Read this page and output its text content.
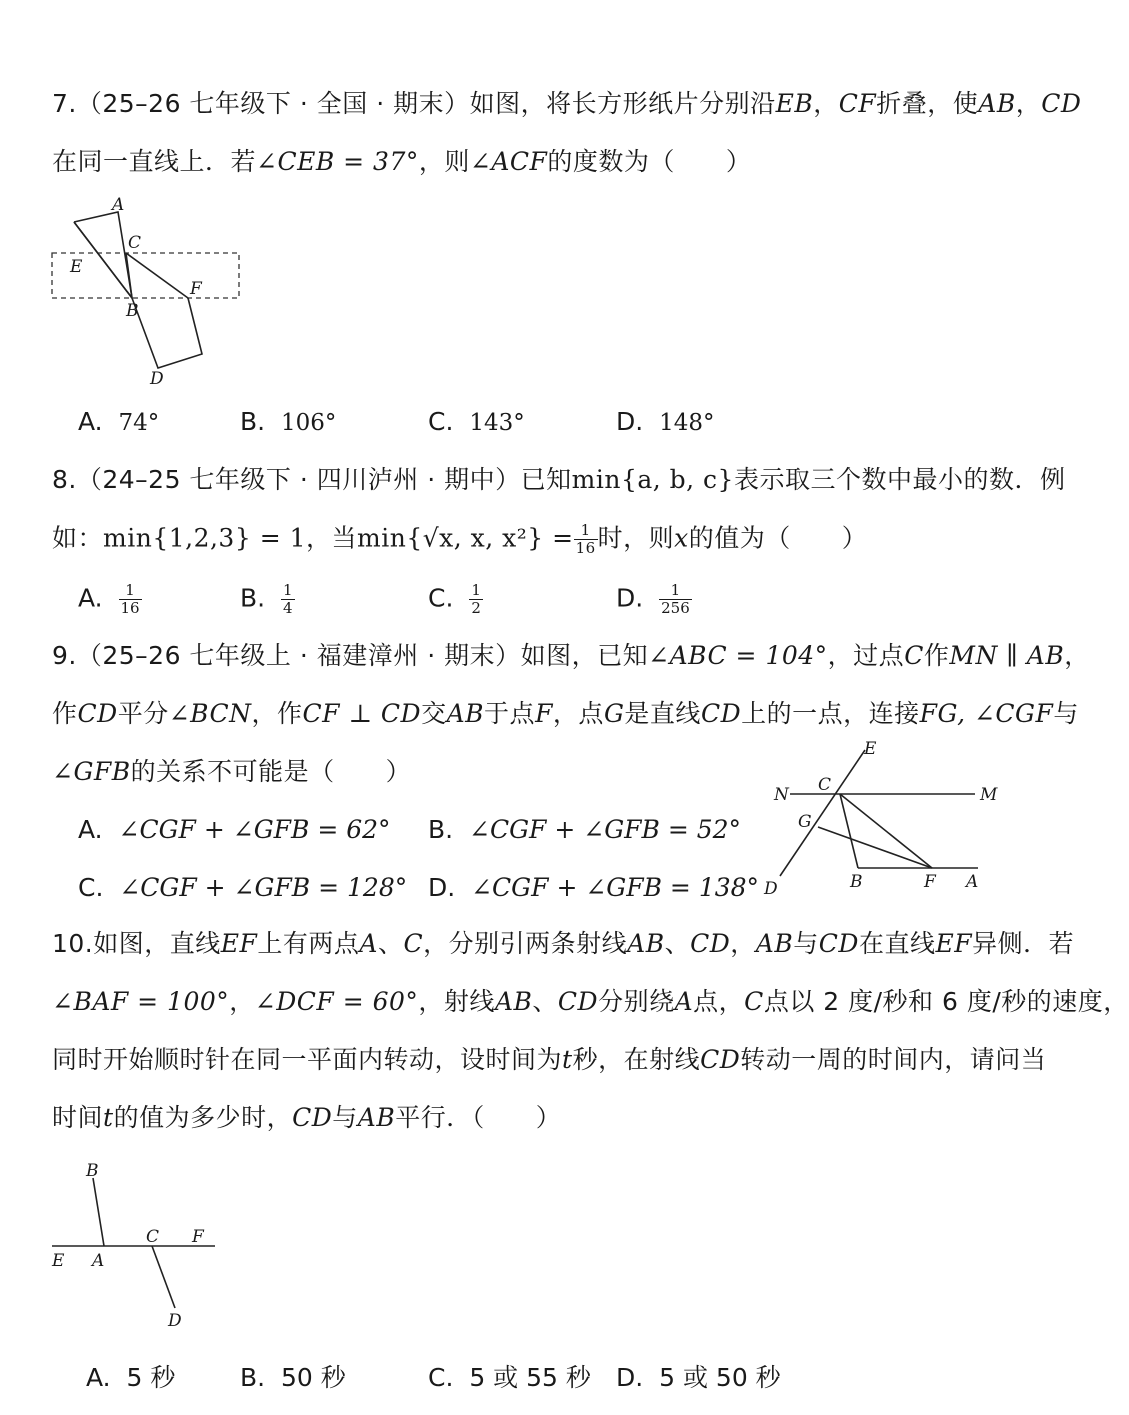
7.（25–26 七年级下 · 全国 · 期末）如图，将长方形纸片分别沿EB，CF折叠，使AB，CD
在同一直线上．若∠CEB = 37°，则∠ACF的度数为（　　）
A
C
E
F
B
D
A. 74°	B. 106°	C. 143°	D. 148°
8.（24–25 七年级下 · 四川泸州 · 期中）已知min{a, b, c}表示取三个数中最小的数．例
如：min{1,2,3} = 1，当min{√x, x, $x^2\} = \frac{1}{16}$ 时，则x的值为（　　）
A. $\frac{1}{16}$	B. $\frac{1}{4}$	C. $\frac{1}{2}$	D. $\frac{1}{256}$
9.（25–26 七年级上 · 福建漳州 · 期末）如图，已知∠ABC = 104°，过点C作MN ∥ AB，
作CD平分∠BCN，作CF ⊥ CD交AB于点F，点G是直线CD上的一点，连接FG, ∠CGF与
∠GFB的关系不可能是（　　）
A. ∠CGF + ∠GFB = 62° B. ∠CGF + ∠GFB = 52°
C. ∠CGF + ∠GFB = 128° D. ∠CGF + ∠GFB = 138°
E
N C	M
G
D	B	F A
10.如图，直线EF上有两点A、C，分别引两条射线AB、CD，AB与CD在直线EF异侧．若
∠BAF = 100°，∠DCF = 60°，射线AB、CD分别绕A点，C点以 2 度/秒和 6 度/秒的速度，
同时开始顺时针在同一平面内转动，设时间为t秒，在射线CD转动一周的时间内，请问当
时间t的值为多少时，CD与AB平行．（　　）
B
E A
C F
D
A. 5 秒	B. 50 秒	C. 5 或 55 秒 D. 5 或 50 秒
